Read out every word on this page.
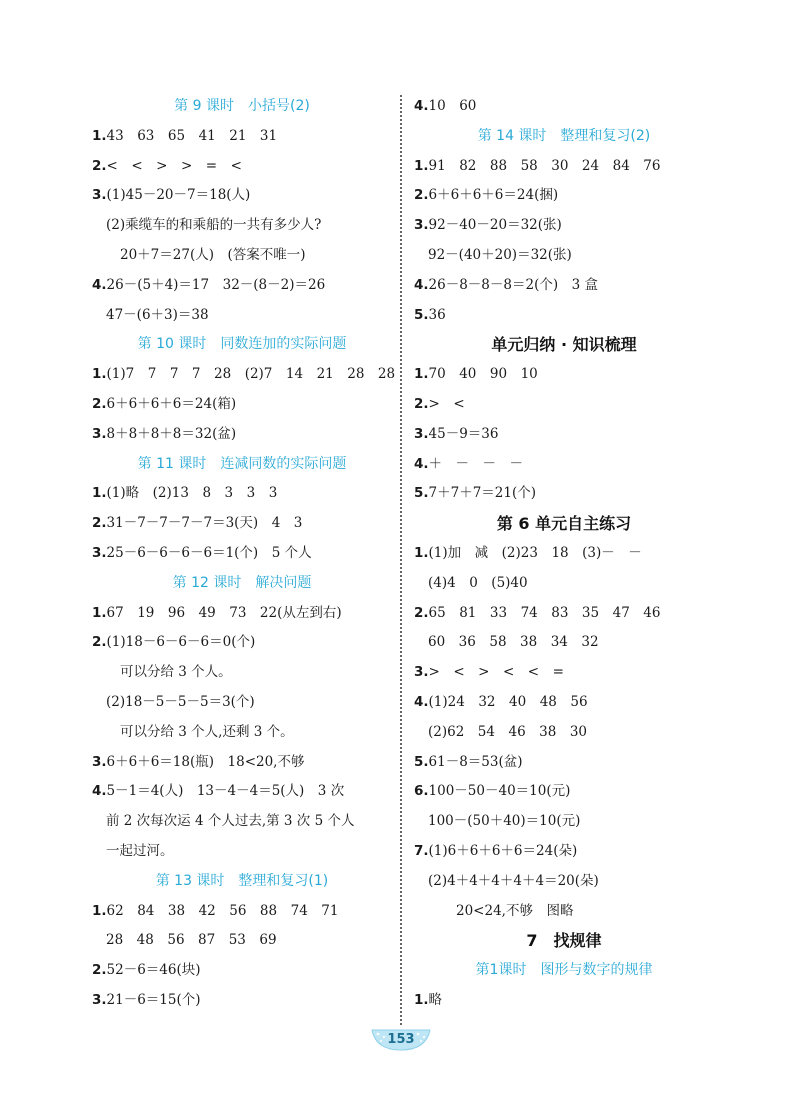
第 9 课时　小括号(2)
1.43　63　65　41　21　31
2.<　<　>　>　=　<
3.(1)45－20－7＝18(人)
(2)乘缆车的和乘船的一共有多少人?
20＋7＝27(人)　(答案不唯一)
4.26－(5＋4)＝17　32－(8－2)＝26
47－(6＋3)＝38
第 10 课时　同数连加的实际问题
1.(1)7　7　7　7　28　(2)7　14　21　28　28
2.6＋6＋6＋6＝24(箱)
3.8＋8＋8＋8＝32(盆)
第 11 课时　连减同数的实际问题
1.(1)略　(2)13　8　3　3　3
2.31－7－7－7－7＝3(天)　4　3
3.25－6－6－6－6＝1(个)　5 个人
第 12 课时　解决问题
1.67　19　96　49　73　22(从左到右)
2.(1)18－6－6－6＝0(个)
可以分给 3 个人。
(2)18－5－5－5＝3(个)
可以分给 3 个人,还剩 3 个。
3.6＋6＋6＝18(瓶)　18<20,不够
4.5－1＝4(人)　13－4－4＝5(人)　3 次
前 2 次每次运 4 个人过去,第 3 次 5 个人
一起过河。
第 13 课时　整理和复习(1)
1.62　84　38　42　56　88　74　71
28　48　56　87　53　69
2.52－6＝46(块)
3.21－6＝15(个)
4.10　60
第 14 课时　整理和复习(2)
1.91　82　88　58　30　24　84　76
2.6＋6＋6＋6＝24(捆)
3.92－40－20＝32(张)
92－(40＋20)＝32(张)
4.26－8－8－8＝2(个)　3 盒
5.36
单元归纳 · 知识梳理
1.70　40　90　10
2.>　<
3.45－9＝36
4.＋　－　－　－
5.7＋7＋7＝21(个)
第 6 单元自主练习
1.(1)加　减　(2)23　18　(3)－　－
(4)4　0　(5)40
2.65　81　33　74　83　35　47　46
60　36　58　38　34　32
3.>　<　>　<　<　=
4.(1)24　32　40　48　56
(2)62　54　46　38　30
5.61－8＝53(盆)
6.100－50－40＝10(元)
100－(50＋40)＝10(元)
7.(1)6＋6＋6＋6＝24(朵)
(2)4＋4＋4＋4＋4＝20(朵)
20<24,不够　图略
7　找规律
第1课时　图形与数字的规律
1.略
153
